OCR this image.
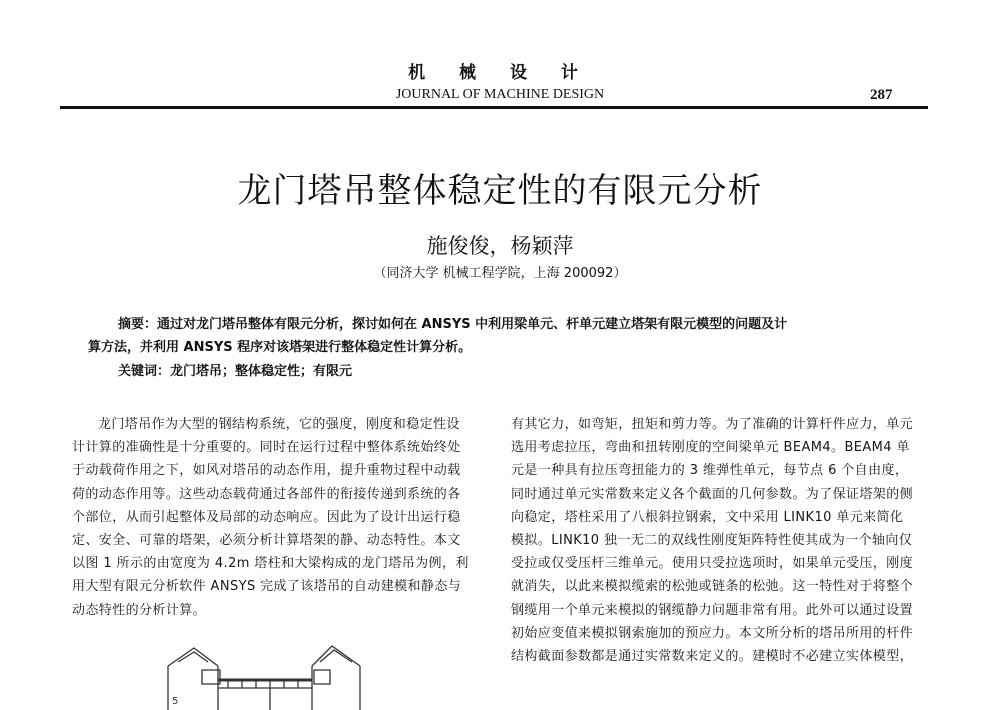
机 械 设 计
JOURNAL OF MACHINE DESIGN	287
龙门塔吊整体稳定性的有限元分析
施俊俊，杨颖萍
（同济大学 机械工程学院，上海 200092）

摘要：通过对龙门塔吊整体有限元分析，探讨如何在 ANSYS 中利用梁单元、杆单元建立塔架有限元模型的问题及计

算方法，并利用 ANSYS 程序对该塔架进行整体稳定性计算分析。

关键词：龙门塔吊；整体稳定性；有限元

龙门塔吊作为大型的钢结构系统，它的强度，刚度和稳定性设计计算的准确性是十分重要的。同时在运行过程中整体系统始终处于动载荷作用之下，如风对塔吊的动态作用，提升重物过程中动载荷的动态作用等。这些动态载荷通过各部件的衔接传递到系统的各个部位，从而引起整体及局部的动态响应。因此为了设计出运行稳定、安全、可靠的塔架，必须分析计算塔架的静、动态特性。本文以图 1 所示的由宽度为 4.2m 塔柱和大梁构成的龙门塔吊为例，利用大型有限元分析软件 ANSYS 完成了该塔吊的自动建模和静态与动态特性的分析计算。

有其它力，如弯矩，扭矩和剪力等。为了准确的计算杆件应力，单元选用考虑拉压，弯曲和扭转刚度的空间梁单元 BEAM4。BEAM4 单元是一种具有拉压弯扭能力的 3 维弹性单元，每节点 6 个自由度，同时通过单元实常数来定义各个截面的几何参数。为了保证塔架的侧向稳定，塔柱采用了八根斜拉钢索，文中采用 LINK10 单元来简化模拟。LINK10 独一无二的双线性刚度矩阵特性使其成为一个轴向仅受拉或仅受压杆三维单元。使用只受拉选项时，如果单元受压，刚度就消失，以此来模拟缆索的松弛或链条的松弛。这一特性对于将整个钢缆用一个单元来模拟的钢缆静力问题非常有用。此外可以通过设置初始应变值来模拟钢索施加的预应力。本文所分析的塔吊所用的杆件结构截面参数都是通过实常数来定义的。建模时不必建立实体模型，

5
